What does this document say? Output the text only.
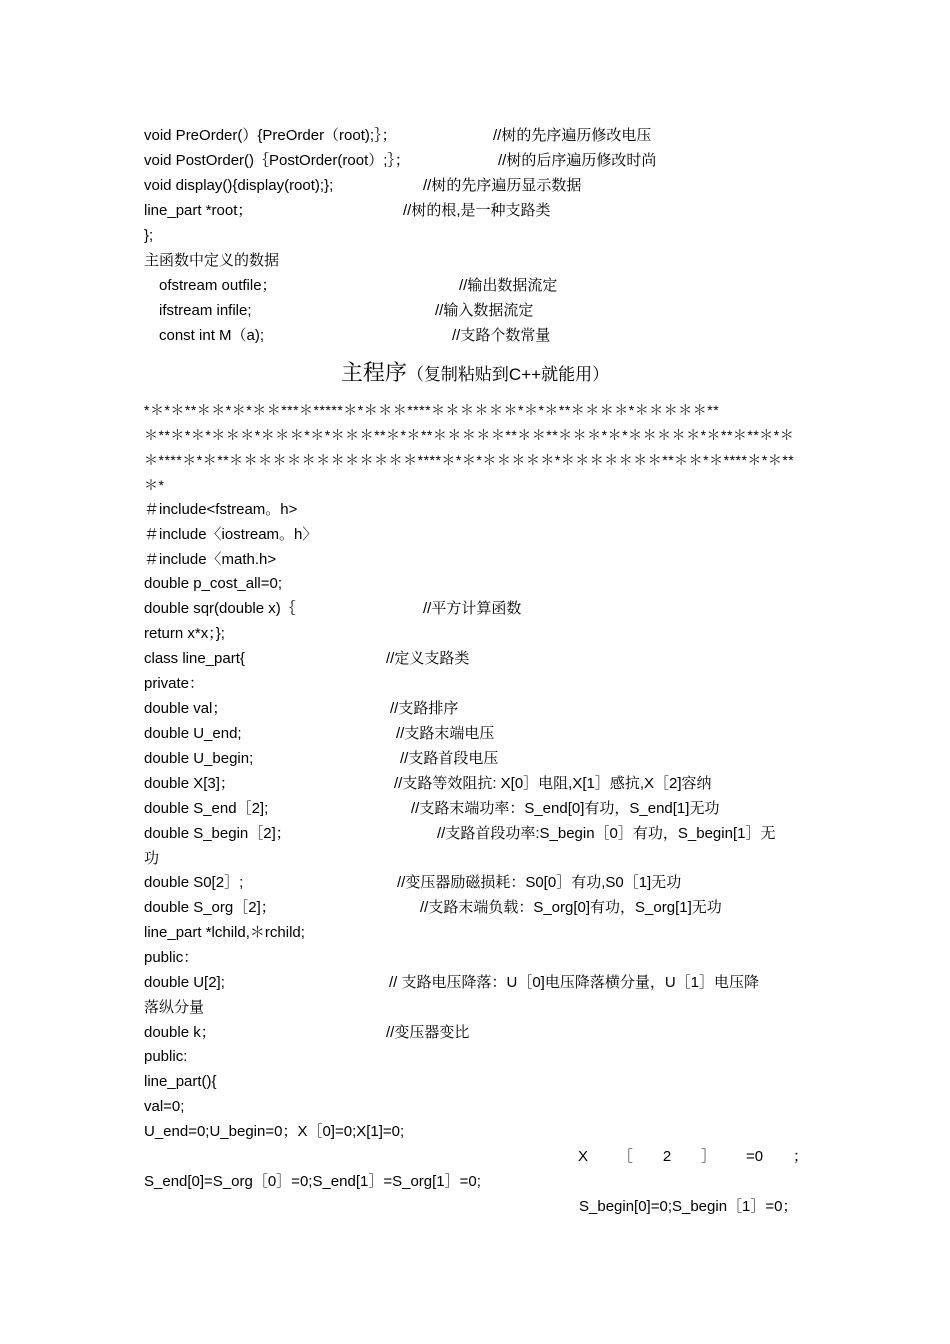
void PreOrder(）{PreOrder（root);｝；	//树的先序遍历修改电压
void PostOrder()｛PostOrder(root）;｝；	//树的后序遍历修改时尚
void display(){display(root);};	//树的先序遍历显示数据
line_part *root；	//树的根,是一种支路类
};
主函数中定义的数据
ofstream outfile；	//输出数据流定
ifstream infile;	//输入数据流定
const int M（a);	//支路个数常量
主程序（复制粘贴到C++就能用）
*＊*＊**＊＊*＊*＊＊***＊*****＊*＊＊＊****＊＊＊＊＊＊*＊*＊**＊＊＊＊*＊＊＊＊＊**
＊**＊*＊*＊＊＊*＊＊＊*＊*＊＊＊**＊*＊**＊＊＊＊＊**＊＊**＊＊＊*＊*＊＊＊＊＊*＊**＊**＊*＊
＊****＊*＊**＊＊＊＊＊＊＊＊＊＊＊＊＊****＊*＊*＊＊＊＊＊*＊＊＊＊＊＊＊**＊＊*＊****＊*＊**
＊*
＃include<fstream。h>
＃include〈iostream。h〉
＃include〈math.h>
double p_cost_all=0;
double sqr(double x)｛	//平方计算函数
return x*x；};
class line_part{	//定义支路类
private：
double val；	//支路排序
double U_end;	//支路末端电压
double U_begin;	//支路首段电压
double X[3]；	//支路等效阻抗: X[0］电阻,X[1］感抗,X［2]容纳
double S_end［2];	//支路末端功率：S_end[0]有功，S_end[1]无功
double S_begin［2]；	//支路首段功率:S_begin［0］有功，S_begin[1］无
功
double S0[2］;	//变压器励磁损耗：S0[0］有功,S0［1]无功
double S_org［2]；	//支路末端负载：S_org[0]有功，S_org[1]无功
line_part *lchild,＊rchild;
public：
double U[2];	// 支路电压降落：U［0]电压降落横分量，U［1］电压降
落纵分量
double k；	//变压器变比
public:
line_part(){
val=0;
U_end=0;U_begin=0；X［0]=0;X[1]=0;
X ［ 2 ］ =0 ；
S_end[0]=S_org［0］=0;S_end[1］=S_org[1］=0;
S_begin[0]=0;S_begin［1］=0；
